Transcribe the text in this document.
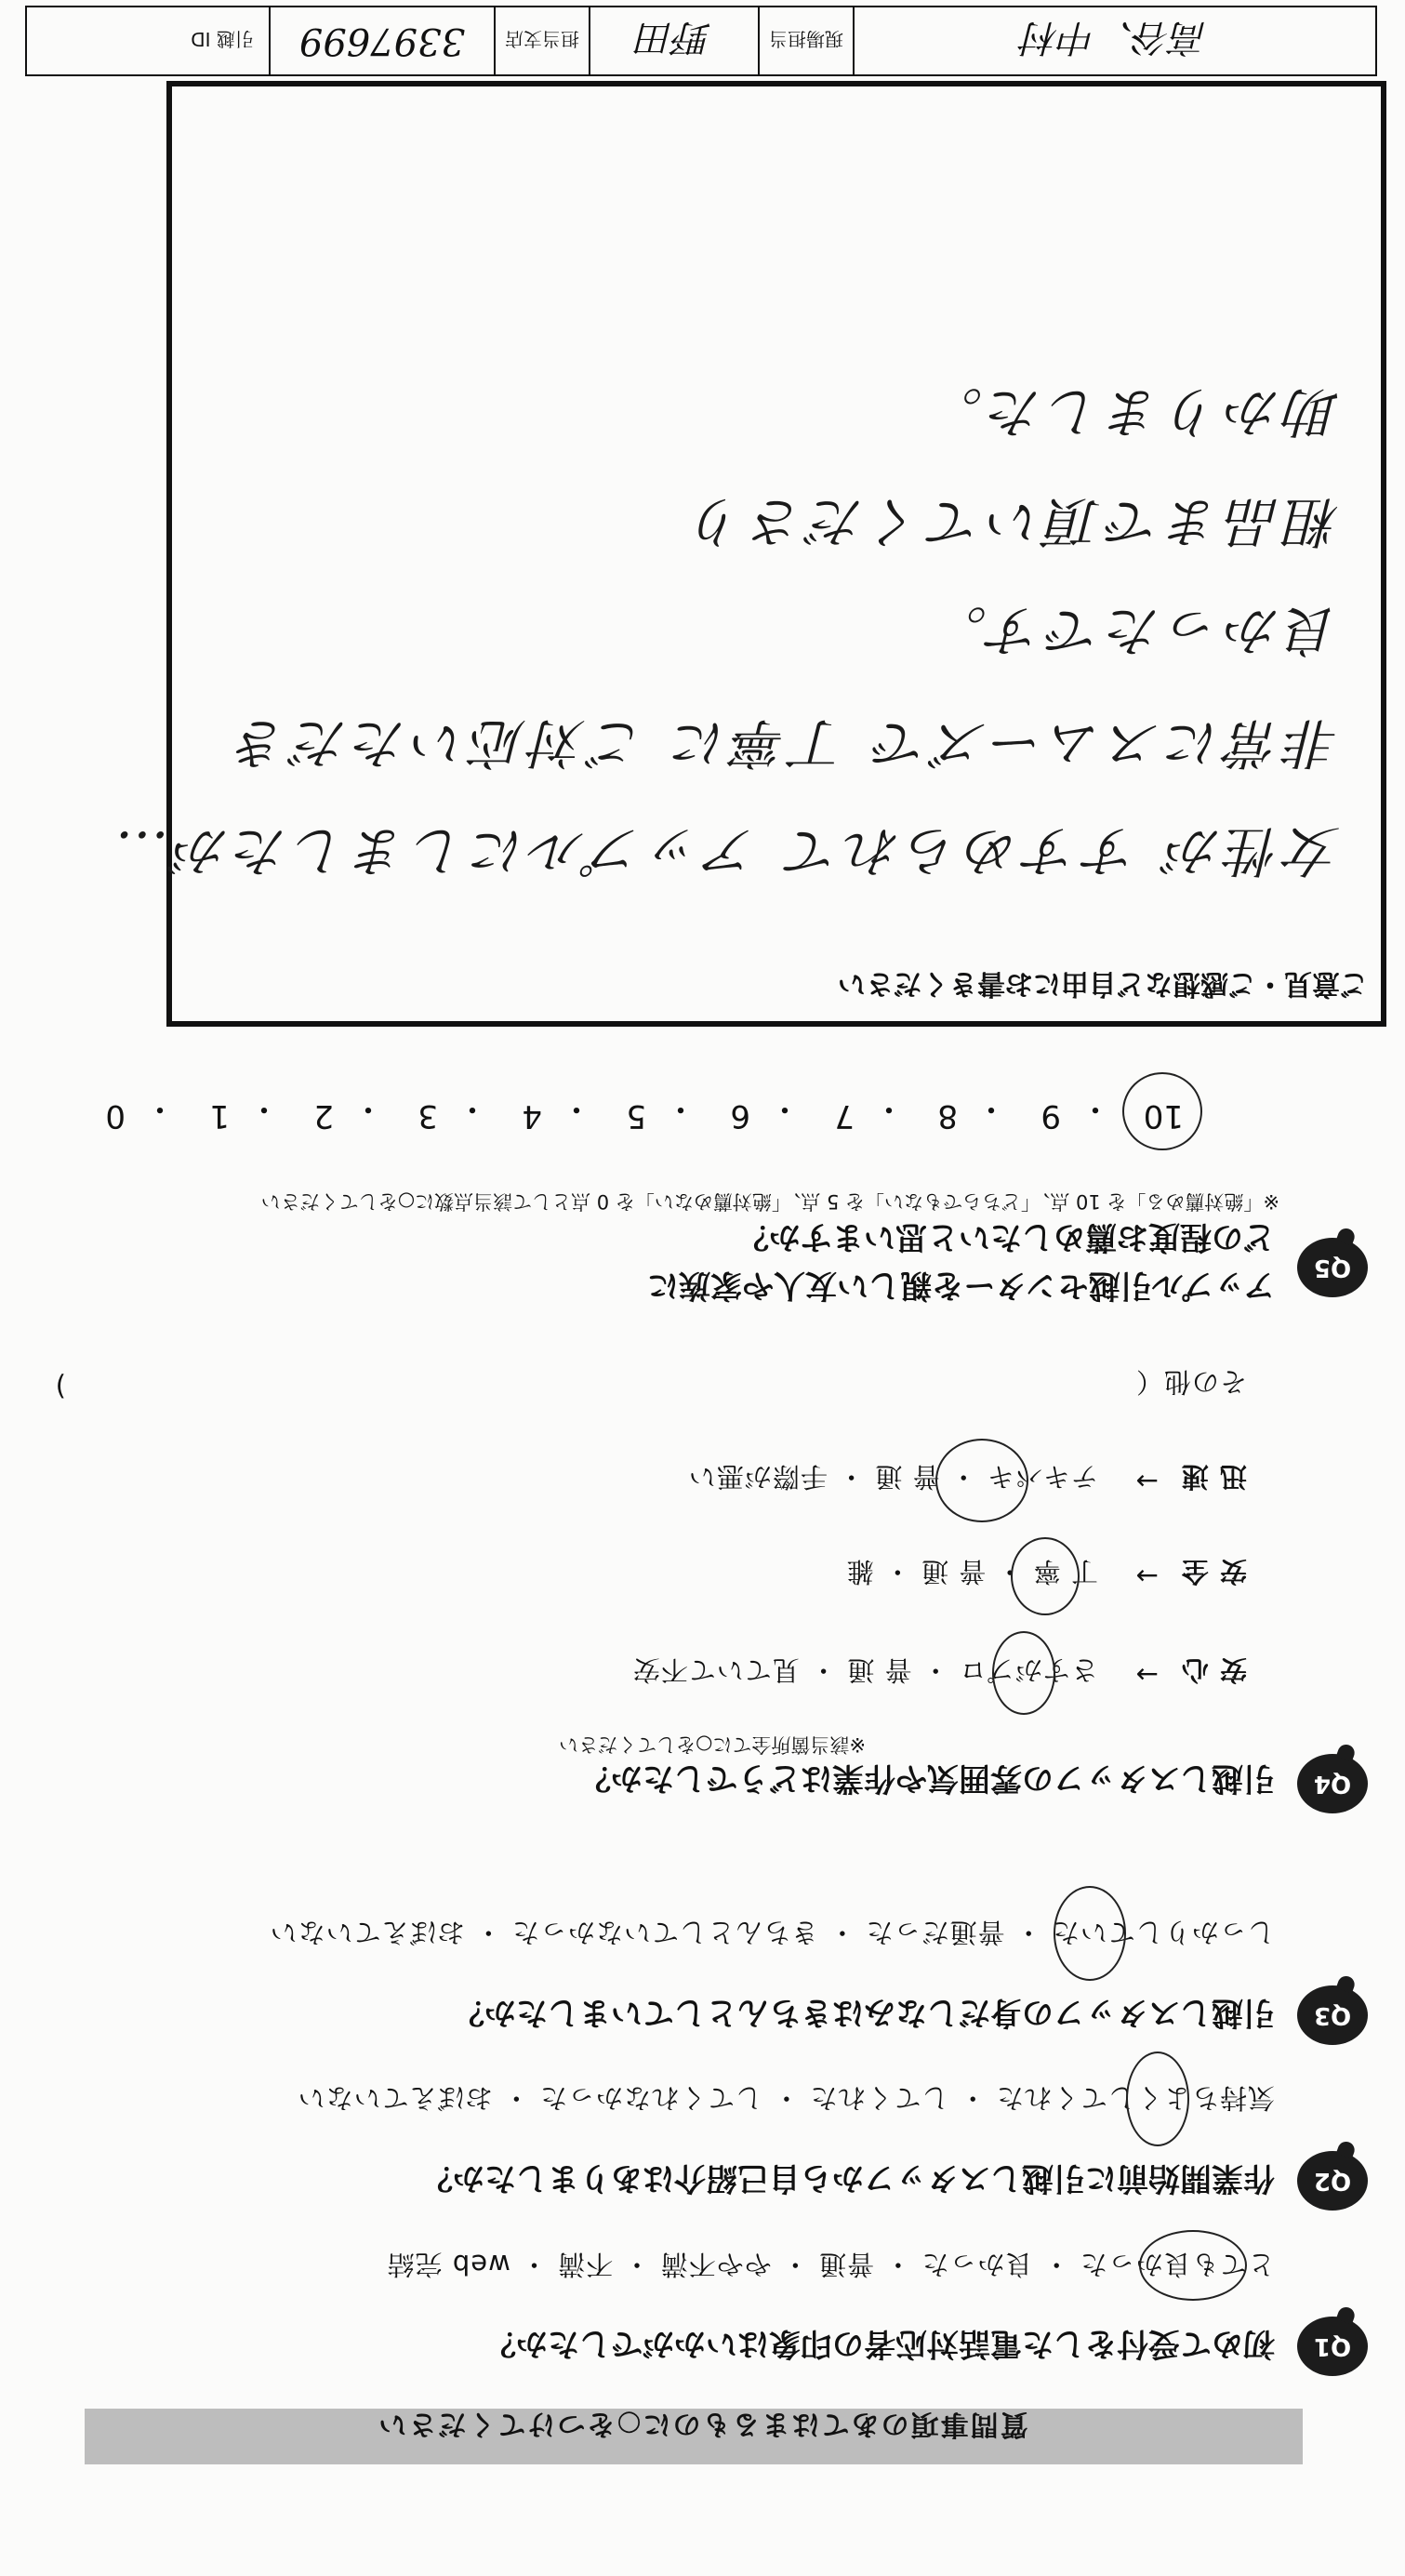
質問事項のあてはまるものに○をつけてください
Q1
初めて受付をした電話対応者の印象はいかがでしたか？
とても良かった ・ 良かった ・ 普通 ・ やや不満 ・ 不満 ・ web 完結
Q2
作業開始前に引越しスタッフから自己紹介はありましたか？
気持ちよくしてくれた ・ してくれた ・ してくれなかった ・ おぼえていない
Q3
引越しスタッフの身だしなみはきちんとしていましたか？
しっかりしていた ・ 普通だった ・ きちんとしていなかった ・ おぼえていない
Q4
引越しスタッフの雰囲気や作業はどうでしたか？
※該当箇所全てに○をしてください
安 心
→
さすがプロ ・ 普 通 ・ 見ていて不安
安 全
→
丁 寧 ・ 普 通 ・ 雑
迅 速
→
テキパキ ・ 普 通 ・ 手際が悪い
その他（
)
Q5
アップル引越センターを親しい友人や家族に
どの程度お薦めしたいと思いますか？
※「絶対薦める」を 10 点、「どちらでもない」を 5 点、「絶対薦めない」を 0 点として該当点数に○をしてください
10
・
9
・
8
・
7
・
6
・
5
・
4
・
3
・
2
・
1
・
0
ご意見・ご感想など自由にお書きください
女性が すすめられて アップルにしましたが…
非常にスムーズで 丁寧に ご対応いただき
良かったです。
粗品まで頂いてくださり
助かりました。
高谷、中村
現場担当
野田
担当支店
3397699
引越 ID
